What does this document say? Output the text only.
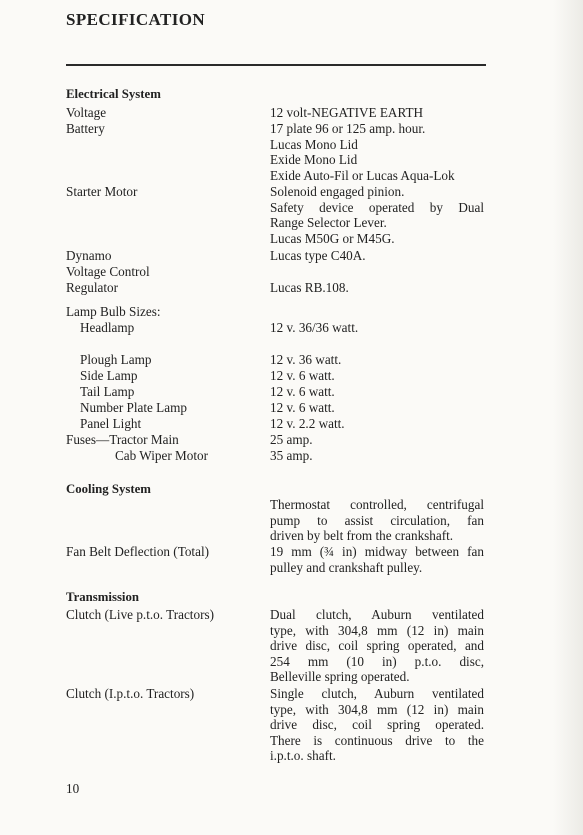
SPECIFICATION
Electrical System
Voltage	12 volt-NEGATIVE EARTH
Battery	17 plate 96 or 125 amp. hour.
Lucas Mono Lid
Exide Mono Lid
Exide Auto-Fil or Lucas Aqua-Lok
Starter Motor	Solenoid engaged pinion.
Safety device operated by Dual
Range Selector Lever.
Lucas M50G or M45G.
Dynamo	Lucas type C40A.
Voltage Control
Regulator	Lucas RB.108.
Lamp Bulb Sizes:
Headlamp	12 v. 36/36 watt.
Plough Lamp	12 v. 36 watt.
Side Lamp	12 v. 6 watt.
Tail Lamp	12 v. 6 watt.
Number Plate Lamp	12 v. 6 watt.
Panel Light	12 v. 2.2 watt.
Fuses—Tractor Main	25 amp.
Cab Wiper Motor	35 amp.
Cooling System
Thermostat controlled, centrifugal
pump to assist circulation, fan
driven by belt from the crankshaft.
Fan Belt Deflection (Total)	19 mm (¾ in) midway between fan
pulley and crankshaft pulley.
Transmission
Clutch (Live p.t.o. Tractors)	Dual clutch, Auburn ventilated
type, with 304,8 mm (12 in) main
drive disc, coil spring operated, and
254 mm (10 in) p.t.o. disc,
Belleville spring operated.
Clutch (I.p.t.o. Tractors)	Single clutch, Auburn ventilated
type, with 304,8 mm (12 in) main
drive disc, coil spring operated.
There is continuous drive to the
i.p.t.o. shaft.
10
